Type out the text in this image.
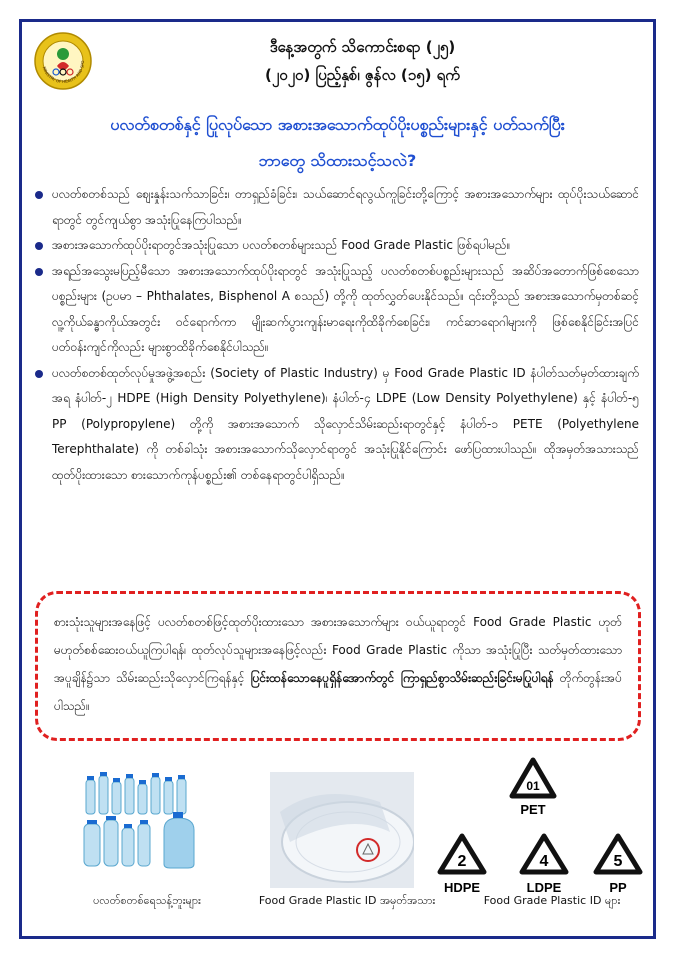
MINISTRY OF HEALTH AND SPO
ဒီနေ့အတွက် သိကောင်းစရာ (၂၅)
(၂၀၂၀) ပြည့်နှစ်၊ ဇွန်လ (၁၅) ရက်
ပလတ်စတစ်နှင့် ပြုလုပ်သော အစားအသောက်ထုပ်ပိုးပစ္စည်းများနှင့် ပတ်သက်ပြီး
ဘာတွေ သိထားသင့်သလဲ?
ပလတ်စတစ်သည် ဈေးနှုန်းသက်သာခြင်း၊ တာရှည်ခံခြင်း၊ သယ်ဆောင်ရလွယ်ကူခြင်းတို့ကြောင့် အစားအသောက်များ ထုပ်ပိုးသယ်ဆောင်ရာတွင် တွင်ကျယ်စွာ အသုံးပြုနေကြပါသည်။
အစားအသောက်ထုပ်ပိုးရာတွင်အသုံးပြုသော ပလတ်စတစ်များသည် Food Grade Plastic ဖြစ်ရပါမည်။
အရည်အသွေးမပြည့်မီသော အစားအသောက်ထုပ်ပိုးရာတွင် အသုံးပြုသည့် ပလတ်စတစ်ပစ္စည်းများသည် အဆိပ်အတောက်ဖြစ်စေသော ပစ္စည်းများ (ဥပမာ – Phthalates, Bisphenol A စသည်) တို့ကို ထုတ်လွှတ်ပေးနိုင်သည်။ ၎င်းတို့သည် အစားအသောက်မှတစ်ဆင့် လူ့ကိုယ်ခန္ဓာကိုယ်အတွင်း ဝင်ရောက်ကာ မျိုးဆက်ပွားကျန်းမာရေးကိုထိခိုက်စေခြင်း၊ ကင်ဆာရောဂါများကို ဖြစ်စေနိုင်ခြင်းအပြင် ပတ်ဝန်းကျင်ကိုလည်း များစွာထိခိုက်စေနိုင်ပါသည်။
ပလတ်စတစ်ထုတ်လုပ်မှုအဖွဲ့အစည်း (Society of Plastic Industry) မှ Food Grade Plastic ID နံပါတ်သတ်မှတ်ထားချက်အရ နံပါတ်-၂ HDPE (High Density Polyethylene)၊ နံပါတ်-၄ LDPE (Low Density Polyethylene) နှင့် နံပါတ်-၅ PP (Polypropylene) တို့ကို အစားအသောက် သိုလှောင်သိမ်းဆည်းရာတွင်နှင့် နံပါတ်-၁ PETE (Polyethylene Terephthalate) ကို တစ်ခါသုံး အစားအသောက်သိုလှောင်ရာတွင် အသုံးပြုနိုင်ကြောင်း ဖော်ပြထားပါသည်။ ထိုအမှတ်အသားသည် ထုတ်ပိုးထားသော စားသောက်ကုန်ပစ္စည်း၏ တစ်နေရာတွင်ပါရှိသည်။
စားသုံးသူများအနေဖြင့် ပလတ်စတစ်ဖြင့်ထုတ်ပိုးထားသော အစားအသောက်များ ဝယ်ယူရာတွင် Food Grade Plastic ဟုတ်မဟုတ်စစ်ဆေးဝယ်ယူကြပါရန်၊ ထုတ်လုပ်သူများအနေဖြင့်လည်း Food Grade Plastic ကိုသာ အသုံးပြုပြီး သတ်မှတ်ထားသောအပူချိန်၌သာ သိမ်းဆည်းသိုလှောင်ကြရန်နှင့် ပြင်းထန်သောနေပူရှိန်အောက်တွင် ကြာရှည်စွာသိမ်းဆည်းခြင်းမပြုပါရန် တိုက်တွန်းအပ်ပါသည်။
01
PET
2
HDPE
4
LDPE
5
PP
ပလတ်စတစ်ရေသန့်ဘူးများ	Food Grade Plastic ID အမှတ်အသား	Food Grade Plastic ID များ
